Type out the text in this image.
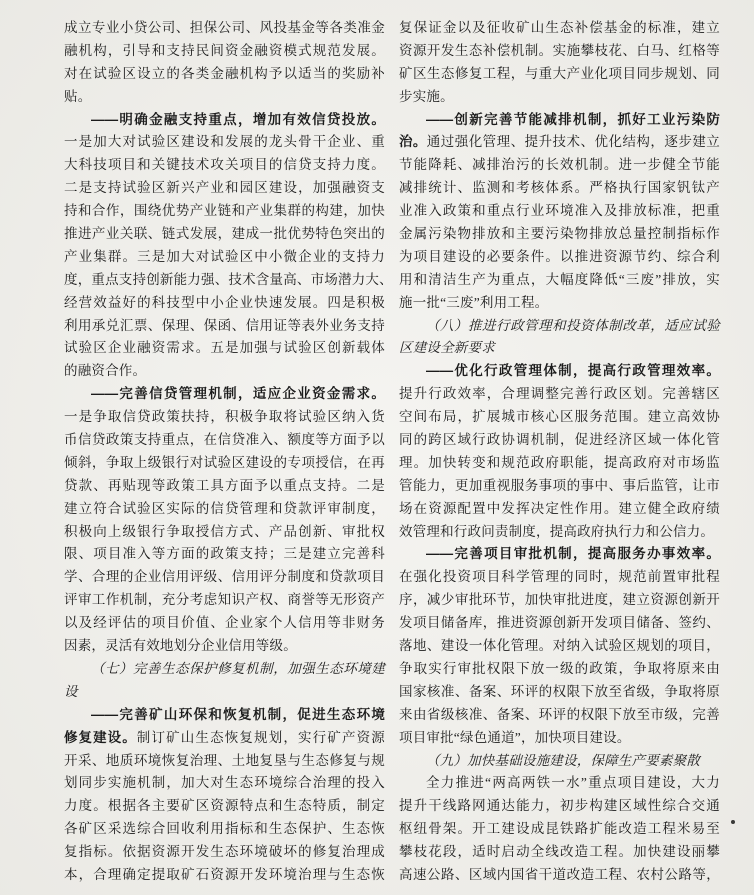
成立专业小贷公司、担保公司、风投基金等各类准金
融机构，引导和支持民间资金融资模式规范发展。
对在试验区设立的各类金融机构予以适当的奖励补
贴。
——明确金融支持重点，增加有效信贷投放。
一是加大对试验区建设和发展的龙头骨干企业、重
大科技项目和关键技术攻关项目的信贷支持力度。
二是支持试验区新兴产业和园区建设，加强融资支
持和合作，围绕优势产业链和产业集群的构建，加快
推进产业关联、链式发展，建成一批优势特色突出的
产业集群。三是加大对试验区中小微企业的支持力
度，重点支持创新能力强、技术含量高、市场潜力大、
经营效益好的科技型中小企业快速发展。四是积极
利用承兑汇票、保理、保函、信用证等表外业务支持
试验区企业融资需求。五是加强与试验区创新载体
的融资合作。
——完善信贷管理机制，适应企业资金需求。
一是争取信贷政策扶持，积极争取将试验区纳入货
币信贷政策支持重点，在信贷准入、额度等方面予以
倾斜，争取上级银行对试验区建设的专项授信，在再
贷款、再贴现等政策工具方面予以重点支持。二是
建立符合试验区实际的信贷管理和贷款评审制度，
积极向上级银行争取授信方式、产品创新、审批权
限、项目准入等方面的政策支持；三是建立完善科
学、合理的企业信用评级、信用评分制度和贷款项目
评审工作机制，充分考虑知识产权、商誉等无形资产
以及经评估的项目价值、企业家个人信用等非财务
因素，灵活有效地划分企业信用等级。
（七）完善生态保护修复机制，加强生态环境建
设
——完善矿山环保和恢复机制，促进生态环境
修复建设。制订矿山生态恢复规划，实行矿产资源
开采、地质环境恢复治理、土地复垦与生态修复与规
划同步实施机制，加大对生态环境综合治理的投入
力度。根据各主要矿区资源特点和生态特质，制定
各矿区采选综合回收利用指标和生态保护、生态恢
复指标。依据资源开发生态环境破坏的修复治理成
本，合理确定提取矿石资源开发环境治理与生态恢
复保证金以及征收矿山生态补偿基金的标准，建立
资源开发生态补偿机制。实施攀枝花、白马、红格等
矿区生态修复工程，与重大产业化项目同步规划、同
步实施。
——创新完善节能减排机制，抓好工业污染防
治。通过强化管理、提升技术、优化结构，逐步建立
节能降耗、减排治污的长效机制。进一步健全节能
减排统计、监测和考核体系。严格执行国家钒钛产
业准入政策和重点行业环境准入及排放标准，把重
金属污染物排放和主要污染物排放总量控制指标作
为项目建设的必要条件。以推进资源节约、综合利
用和清洁生产为重点，大幅度降低“三废”排放，实
施一批“三废”利用工程。
（八）推进行政管理和投资体制改革，适应试验
区建设全新要求
——优化行政管理体制，提高行政管理效率。
提升行政效率，合理调整完善行政区划。完善辖区
空间布局，扩展城市核心区服务范围。建立高效协
同的跨区域行政协调机制，促进经济区域一体化管
理。加快转变和规范政府职能，提高政府对市场监
管能力，更加重视服务事项的事中、事后监管，让市
场在资源配置中发挥决定性作用。建立健全政府绩
效管理和行政问责制度，提高政府执行力和公信力。
——完善项目审批机制，提高服务办事效率。
在强化投资项目科学管理的同时，规范前置审批程
序，减少审批环节，加快审批进度，建立资源创新开
发项目储备库，推进资源创新开发项目储备、签约、
落地、建设一体化管理。对纳入试验区规划的项目，
争取实行审批权限下放一级的政策，争取将原来由
国家核准、备案、环评的权限下放至省级，争取将原
来由省级核准、备案、环评的权限下放至市级，完善
项目审批“绿色通道”，加快项目建设。
（九）加快基础设施建设，保障生产要素聚散
全力推进“两高两铁一水”重点项目建设，大力
提升干线路网通达能力，初步构建区域性综合交通
枢纽骨架。开工建设成昆铁路扩能改造工程米易至
攀枝花段，适时启动全线改造工程。加快建设丽攀
高速公路、区域内国省干道改造工程、农村公路等，
